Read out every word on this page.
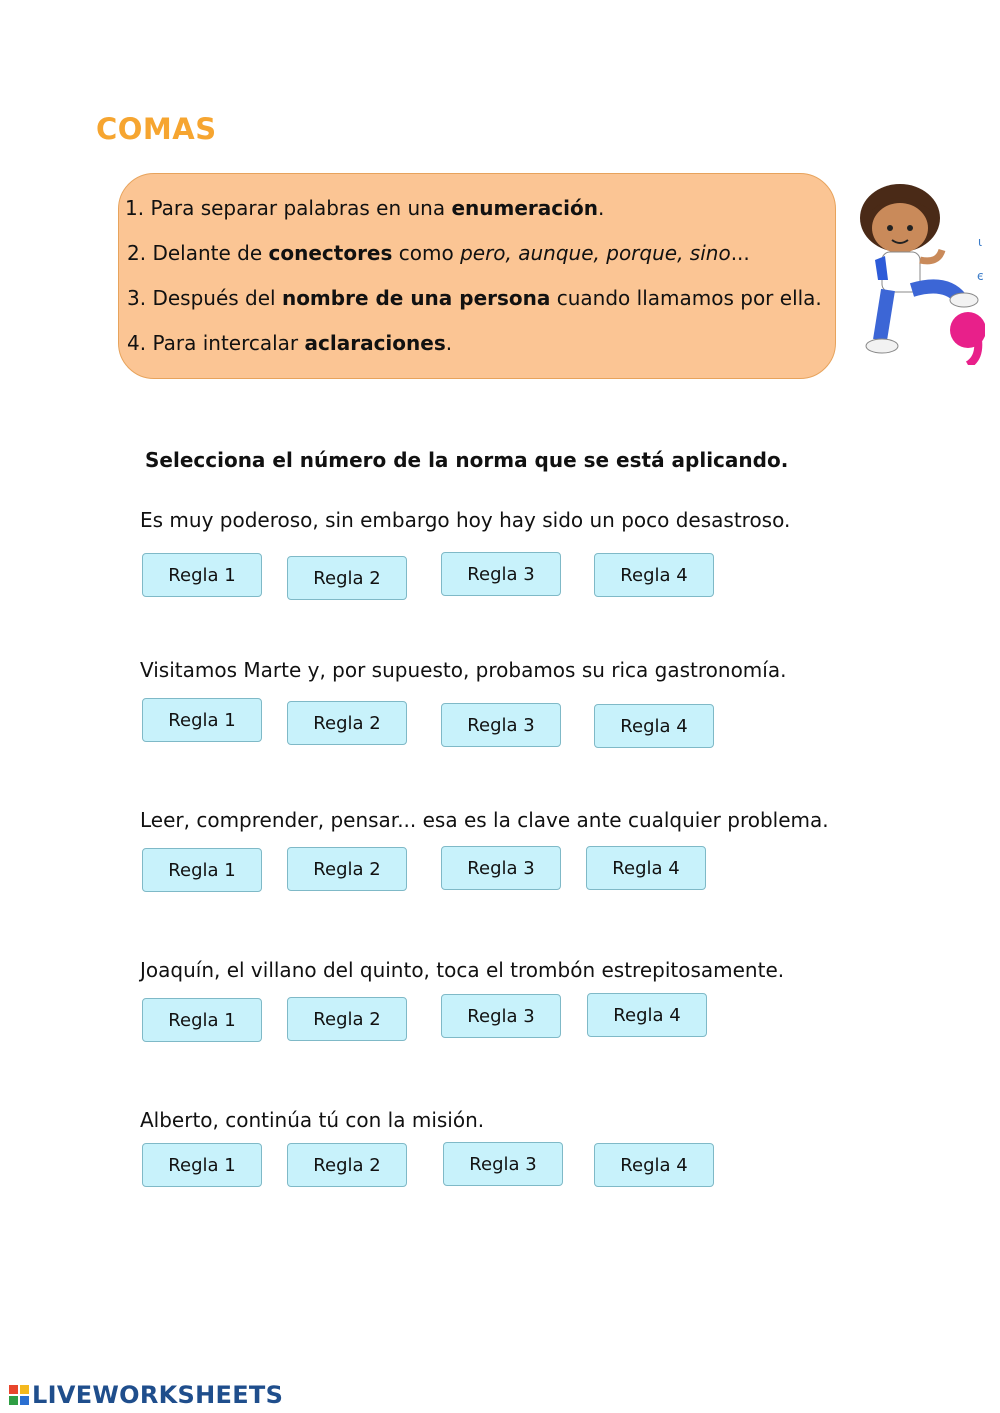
COMAS
1. Para separar palabras en una enumeración.
2. Delante de conectores como pero, aunque, porque, sino...
3. Después del nombre de una persona cuando llamamos por ella.
4. Para intercalar aclaraciones.
ι
є
Selecciona el número de la norma que se está aplicando.
Es muy poderoso, sin embargo hoy hay sido un poco desastroso.
Regla 1	Regla 2	Regla 3	Regla 4
Visitamos Marte y, por supuesto, probamos su rica gastronomía.
Regla 1	Regla 2	Regla 3	Regla 4
Leer, comprender, pensar... esa es la clave ante cualquier problema.
Regla 1	Regla 2	Regla 3	Regla 4
Joaquín, el villano del quinto, toca el trombón estrepitosamente.
Regla 1	Regla 2	Regla 3	Regla 4
Alberto, continúa tú con la misión.
Regla 1	Regla 2	Regla 3	Regla 4
LIVEWORKSHEETS
